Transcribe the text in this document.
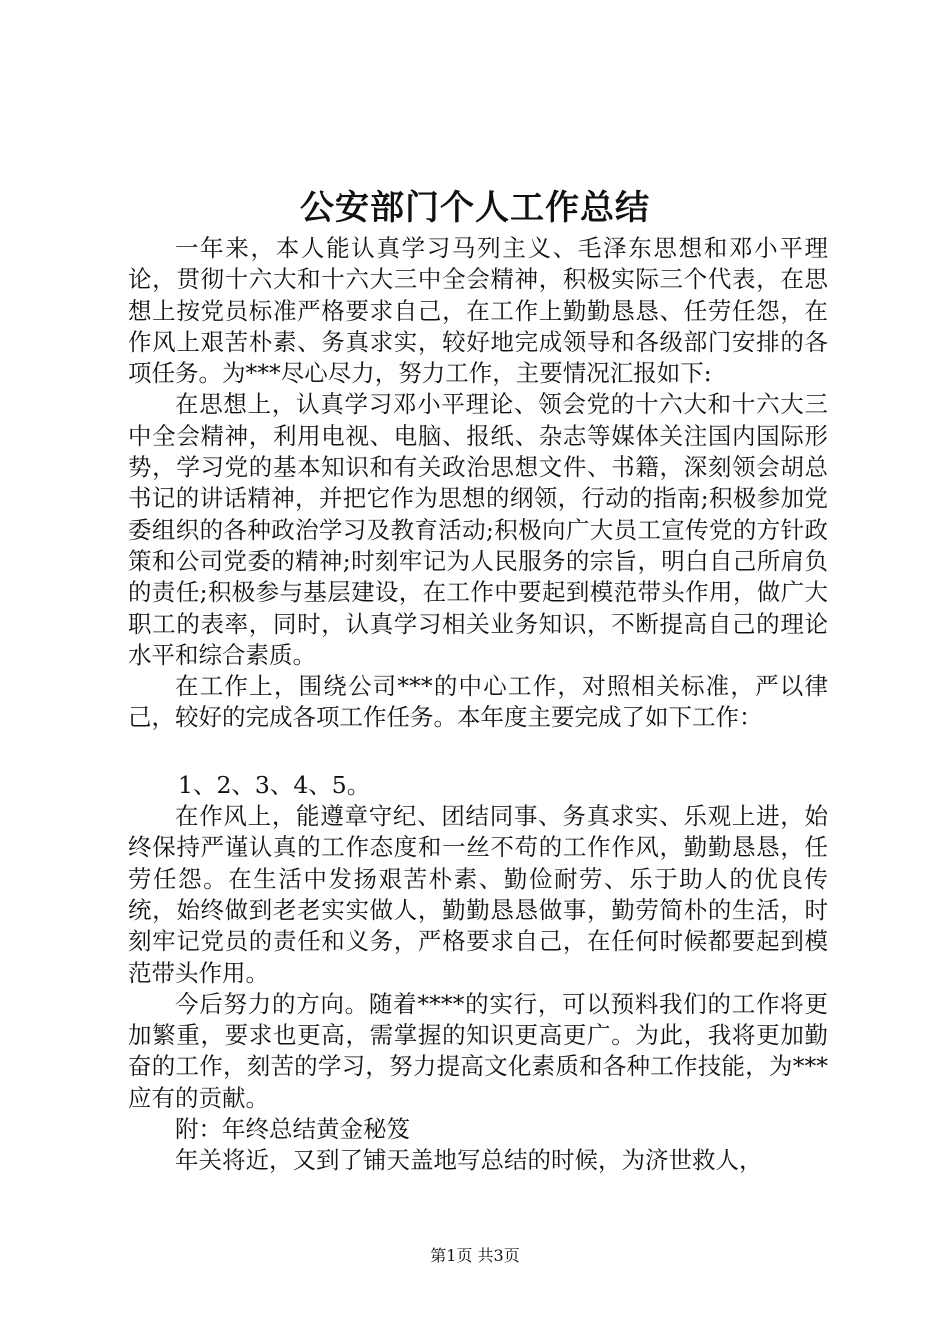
公安部门个人工作总结

一年来，本人能认真学习马列主义、毛泽东思想和邓小平理论，贯彻十六大和十六大三中全会精神，积极实际三个代表，在思想上按党员标准严格要求自己，在工作上勤勤恳恳、任劳任怨，在作风上艰苦朴素、务真求实，较好地完成领导和各级部门安排的各项任务。为***尽心尽力，努力工作，主要情况汇报如下:

在思想上，认真学习邓小平理论、领会党的十六大和十六大三中全会精神，利用电视、电脑、报纸、杂志等媒体关注国内国际形势，学习党的基本知识和有关政治思想文件、书籍，深刻领会胡总书记的讲话精神，并把它作为思想的纲领，行动的指南;积极参加党委组织的各种政治学习及教育活动;积极向广大员工宣传党的方针政策和公司党委的精神;时刻牢记为人民服务的宗旨，明白自己所肩负的责任;积极参与基层建设，在工作中要起到模范带头作用，做广大职工的表率，同时，认真学习相关业务知识，不断提高自己的理论水平和综合素质。

在工作上，围绕公司***的中心工作，对照相关标准，严以律己，较好的完成各项工作任务。本年度主要完成了如下工作：

1、2、3、4、5。

在作风上，能遵章守纪、团结同事、务真求实、乐观上进，始终保持严谨认真的工作态度和一丝不苟的工作作风，勤勤恳恳，任劳任怨。在生活中发扬艰苦朴素、勤俭耐劳、乐于助人的优良传统，始终做到老老实实做人，勤勤恳恳做事，勤劳简朴的生活，时刻牢记党员的责任和义务，严格要求自己，在任何时候都要起到模范带头作用。

今后努力的方向。随着****的实行，可以预料我们的工作将更加繁重，要求也更高，需掌握的知识更高更广。为此，我将更加勤奋的工作，刻苦的学习，努力提高文化素质和各种工作技能，为***应有的贡献。

附：年终总结黄金秘笈

年关将近，又到了铺天盖地写总结的时候，为济世救人，

第1页 共3页
